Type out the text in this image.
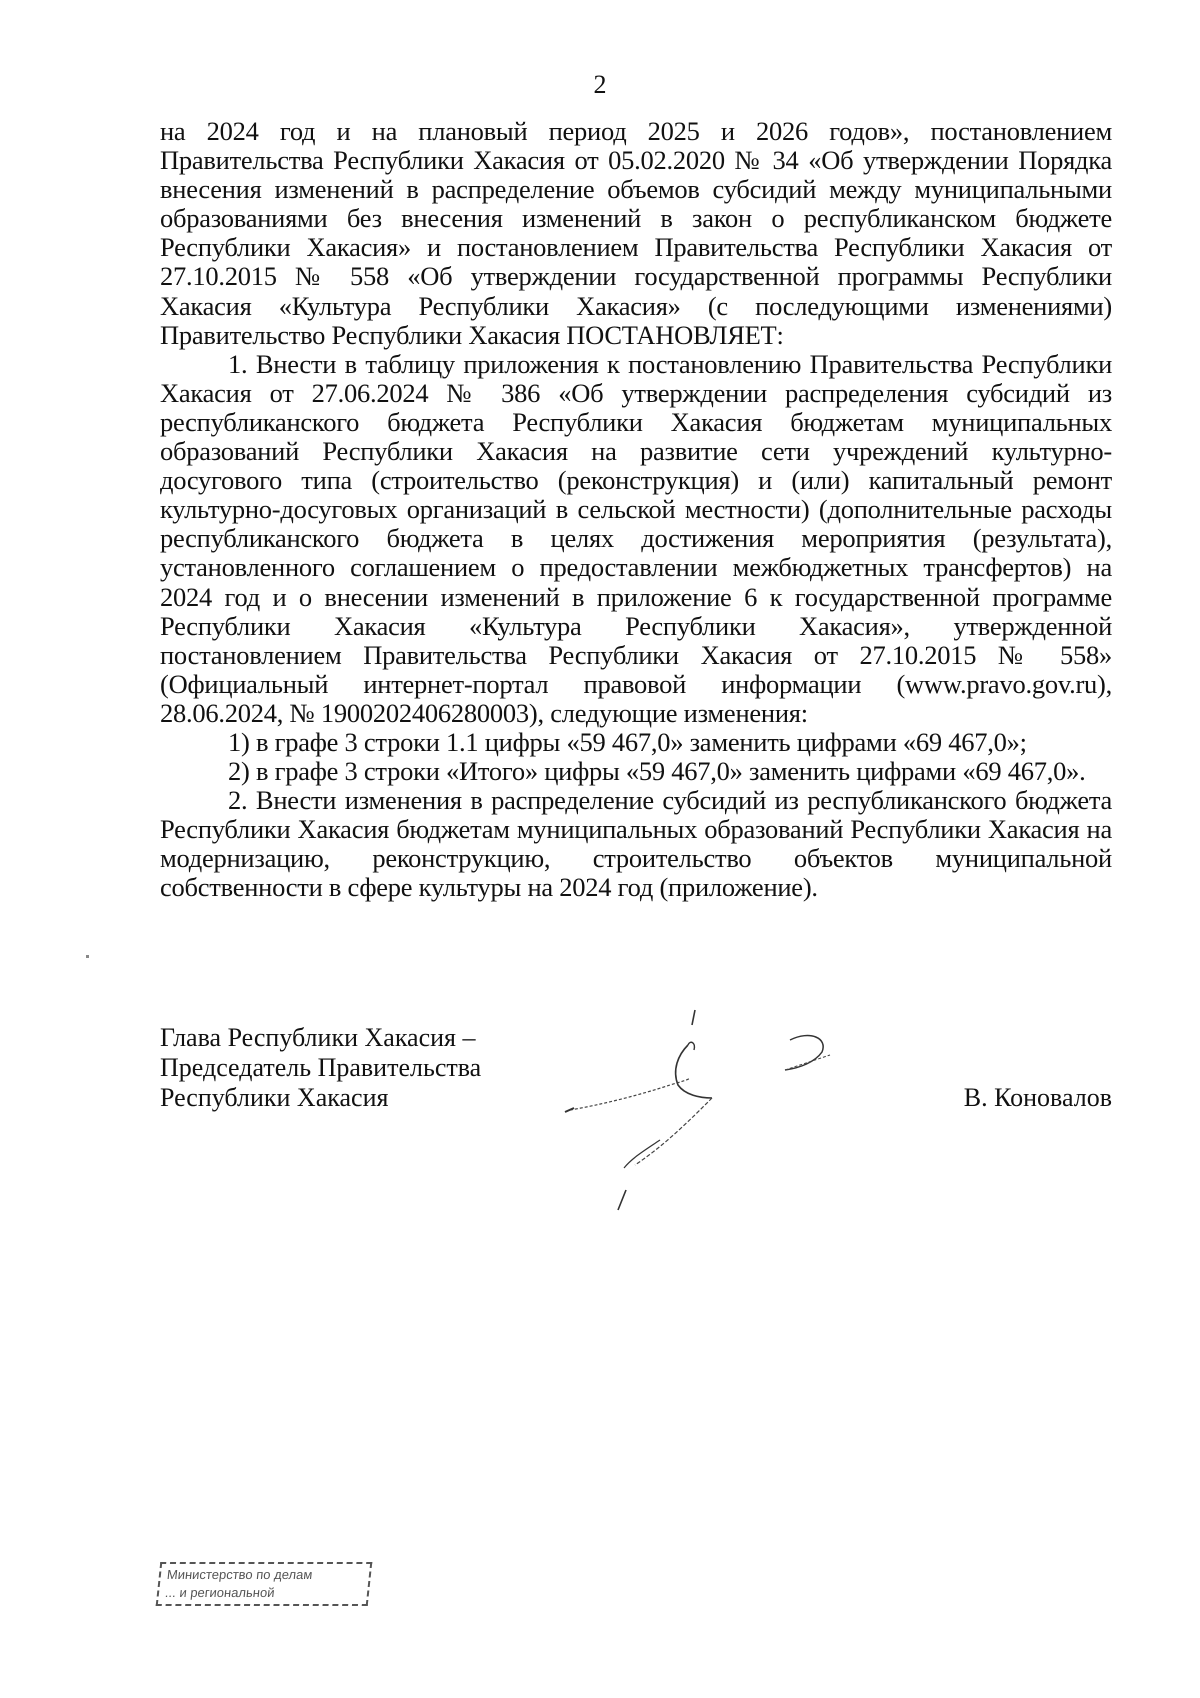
2

на 2024 год и на плановый период 2025 и 2026 годов», постановлением Правительства Республики Хакасия от 05.02.2020 № 34 «Об утверждении Порядка внесения изменений в распределение объемов субсидий между муниципальными образованиями без внесения изменений в закон о республиканском бюджете Республики Хакасия» и постановлением Правительства Республики Хакасия от 27.10.2015 № 558 «Об утверждении государственной программы Республики Хакасия «Культура Республики Хакасия» (с последующими изменениями) Правительство Республики Хакасия ПОСТАНОВЛЯЕТ:

1. Внести в таблицу приложения к постановлению Правительства Республики Хакасия от 27.06.2024 № 386 «Об утверждении распределения субсидий из республиканского бюджета Республики Хакасия бюджетам муниципальных образований Республики Хакасия на развитие сети учреждений культурно-досугового типа (строительство (реконструкция) и (или) капитальный ремонт культурно-досуговых организаций в сельской местности) (дополнительные расходы республиканского бюджета в целях достижения мероприятия (результата), установленного соглашением о предоставлении межбюджетных трансфертов) на 2024 год и о внесении изменений в приложение 6 к государственной программе Республики Хакасия «Культура Республики Хакасия», утвержденной постановлением Правительства Республики Хакасия от 27.10.2015 № 558» (Официальный интернет-портал правовой информации (www.pravo.gov.ru), 28.06.2024, № 1900202406280003), следующие изменения:

1) в графе 3 строки 1.1 цифры «59 467,0» заменить цифрами «69 467,0»;

2) в графе 3 строки «Итого» цифры «59 467,0» заменить цифрами «69 467,0».

2. Внести изменения в распределение субсидий из республиканского бюджета Республики Хакасия бюджетам муниципальных образований Республики Хакасия на модернизацию, реконструкцию, строительство объектов муниципальной собственности в сфере культуры на 2024 год (приложение).

Глава Республики Хакасия –
Председатель Правительства
Республики Хакасия	В. Коновалов
Министерство по делам
... и региональной
